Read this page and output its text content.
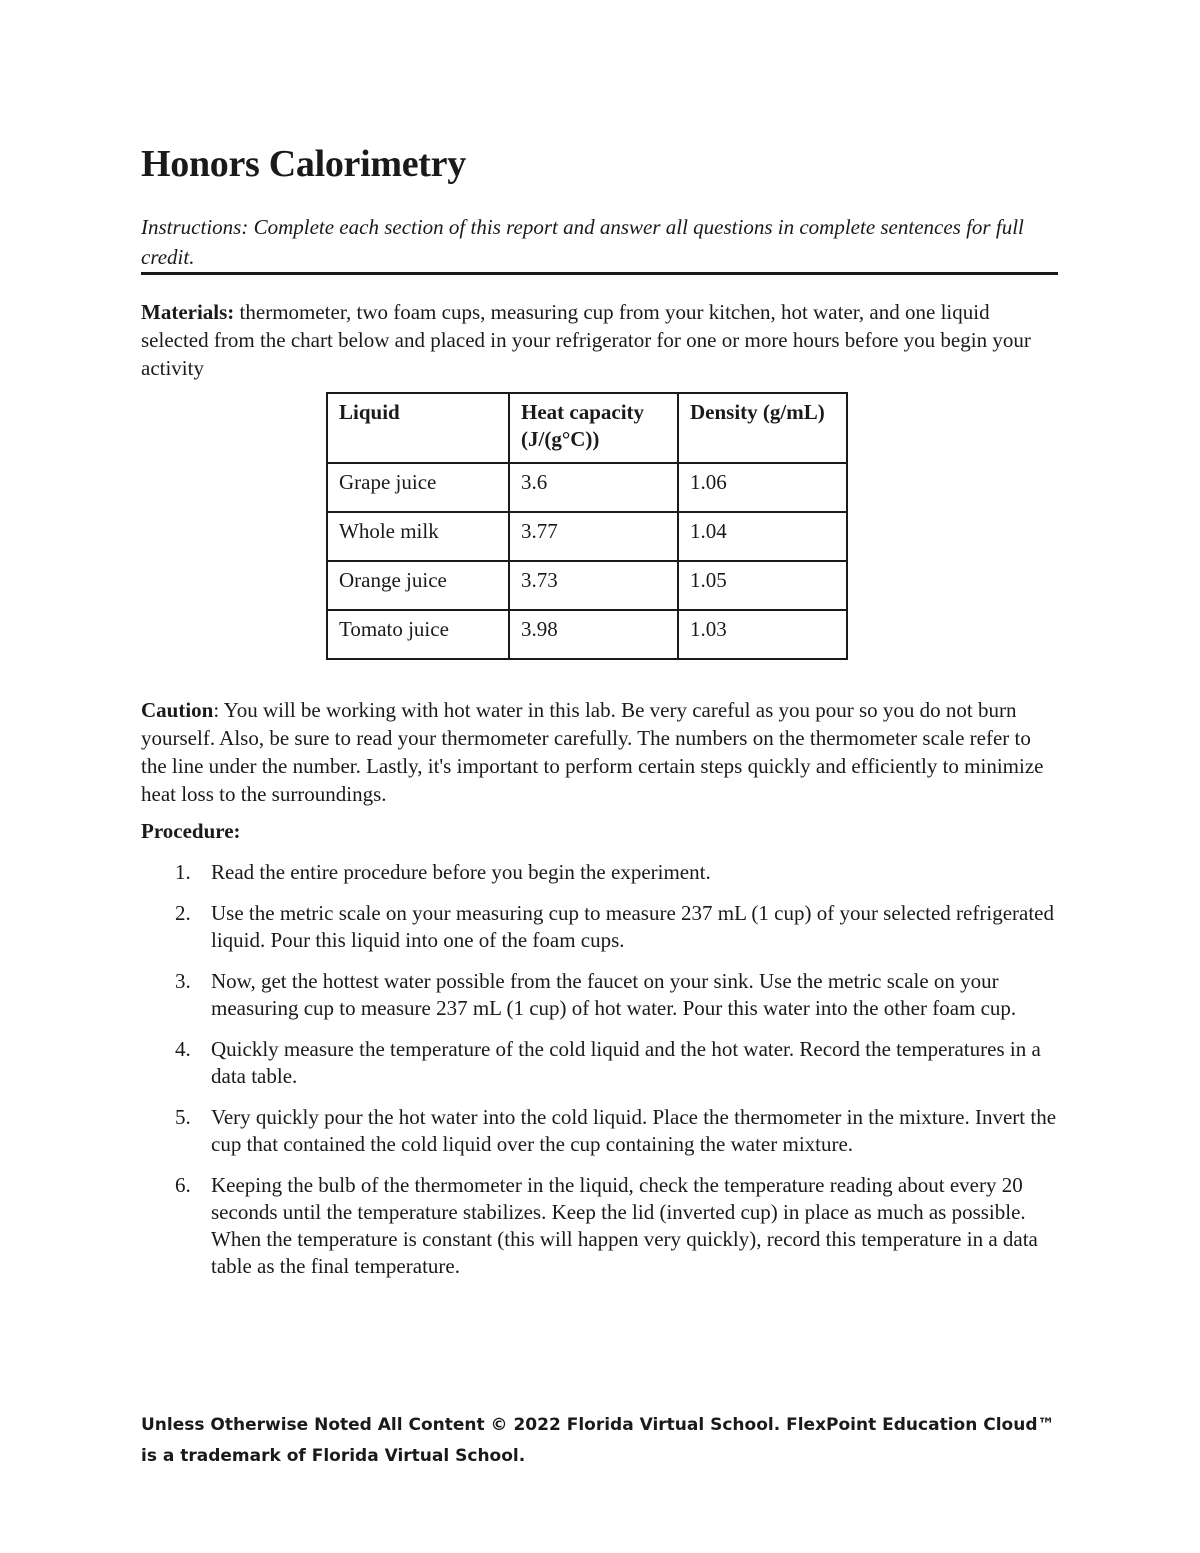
Honors Calorimetry

Instructions: Complete each section of this report and answer all questions in complete sentences for full credit.

Materials: thermometer, two foam cups, measuring cup from your kitchen, hot water, and one liquid selected from the chart below and placed in your refrigerator for one or more hours before you begin your activity

Liquid	Heat capacity (J/(g°C))	Density (g/mL)
Grape juice	3.6	1.06
Whole milk	3.77	1.04
Orange juice	3.73	1.05
Tomato juice	3.98	1.03

Caution: You will be working with hot water in this lab. Be very careful as you pour so you do not burn yourself. Also, be sure to read your thermometer carefully. The numbers on the thermometer scale refer to the line under the number. Lastly, it's important to perform certain steps quickly and efficiently to minimize heat loss to the surroundings.

Procedure:
1. Read the entire procedure before you begin the experiment.
2. Use the metric scale on your measuring cup to measure 237 mL (1 cup) of your selected refrigerated liquid. Pour this liquid into one of the foam cups.
3. Now, get the hottest water possible from the faucet on your sink. Use the metric scale on your measuring cup to measure 237 mL (1 cup) of hot water. Pour this water into the other foam cup.
4. Quickly measure the temperature of the cold liquid and the hot water. Record the temperatures in a data table.
5. Very quickly pour the hot water into the cold liquid. Place the thermometer in the mixture. Invert the cup that contained the cold liquid over the cup containing the water mixture.
6. Keeping the bulb of the thermometer in the liquid, check the temperature reading about every 20 seconds until the temperature stabilizes. Keep the lid (inverted cup) in place as much as possible. When the temperature is constant (this will happen very quickly), record this temperature in a data table as the final temperature.

Unless Otherwise Noted All Content © 2022 Florida Virtual School. FlexPoint Education Cloud™ is a trademark of Florida Virtual School.
